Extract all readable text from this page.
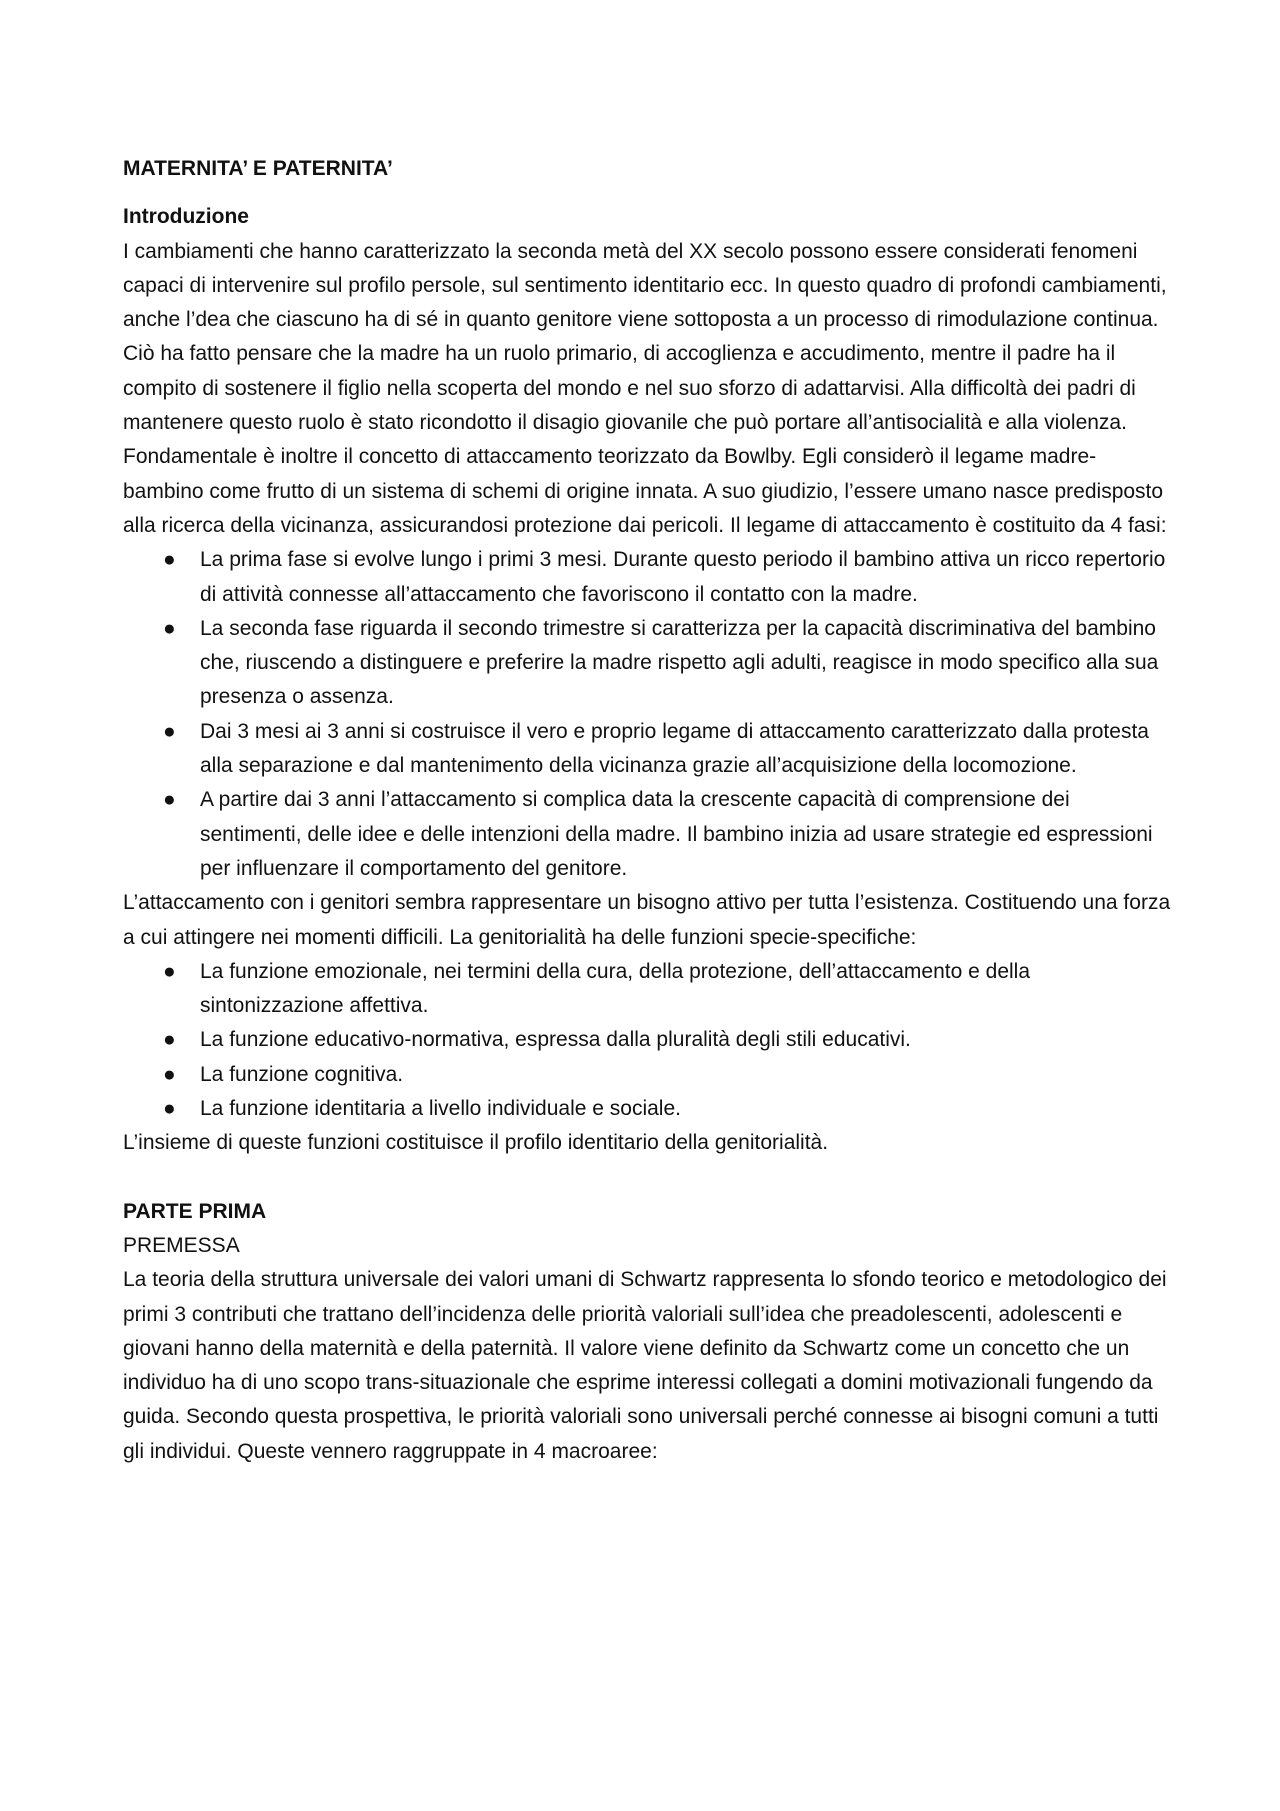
MATERNITA’ E PATERNITA’

Introduzione

I cambiamenti che hanno caratterizzato la seconda metà del XX secolo possono essere considerati fenomeni capaci di intervenire sul profilo persole, sul sentimento identitario ecc. In questo quadro di profondi cambiamenti, anche l’dea che ciascuno ha di sé in quanto genitore viene sottoposta a un processo di rimodulazione continua. Ciò ha fatto pensare che la madre ha un ruolo primario, di accoglienza e accudimento, mentre il padre ha il compito di sostenere il figlio nella scoperta del mondo e nel suo sforzo di adattarvisi. Alla difficoltà dei padri di mantenere questo ruolo è stato ricondotto il disagio giovanile che può portare all’antisocialità e alla violenza. Fondamentale è inoltre il concetto di attaccamento teorizzato da Bowlby. Egli considerò il legame madre-bambino come frutto di un sistema di schemi di origine innata. A suo giudizio, l’essere umano nasce predisposto alla ricerca della vicinanza, assicurandosi protezione dai pericoli. Il legame di attaccamento è costituito da 4 fasi:

● La prima fase si evolve lungo i primi 3 mesi. Durante questo periodo il bambino attiva un ricco repertorio di attività connesse all’attaccamento che favoriscono il contatto con la madre.
● La seconda fase riguarda il secondo trimestre si caratterizza per la capacità discriminativa del bambino che, riuscendo a distinguere e preferire la madre rispetto agli adulti, reagisce in modo specifico alla sua presenza o assenza.
● Dai 3 mesi ai 3 anni si costruisce il vero e proprio legame di attaccamento caratterizzato dalla protesta alla separazione e dal mantenimento della vicinanza grazie all’acquisizione della locomozione.
● A partire dai 3 anni l’attaccamento si complica data la crescente capacità di comprensione dei sentimenti, delle idee e delle intenzioni della madre. Il bambino inizia ad usare strategie ed espressioni per influenzare il comportamento del genitore.

L’attaccamento con i genitori sembra rappresentare un bisogno attivo per tutta l’esistenza. Costituendo una forza a cui attingere nei momenti difficili. La genitorialità ha delle funzioni specie-specifiche:

● La funzione emozionale, nei termini della cura, della protezione, dell’attaccamento e della sintonizzazione affettiva.
● La funzione educativo-normativa, espressa dalla pluralità degli stili educativi.
● La funzione cognitiva.
● La funzione identitaria a livello individuale e sociale.

L’insieme di queste funzioni costituisce il profilo identitario della genitorialità.

PARTE PRIMA

PREMESSA

La teoria della struttura universale dei valori umani di Schwartz rappresenta lo sfondo teorico e metodologico dei primi 3 contributi che trattano dell’incidenza delle priorità valoriali sull’idea che preadolescenti, adolescenti e giovani hanno della maternità e della paternità. Il valore viene definito da Schwartz come un concetto che un individuo ha di uno scopo trans-situazionale che esprime interessi collegati a domini motivazionali fungendo da guida. Secondo questa prospettiva, le priorità valoriali sono universali perché connesse ai bisogni comuni a tutti gli individui. Queste vennero raggruppate in 4 macroaree:
